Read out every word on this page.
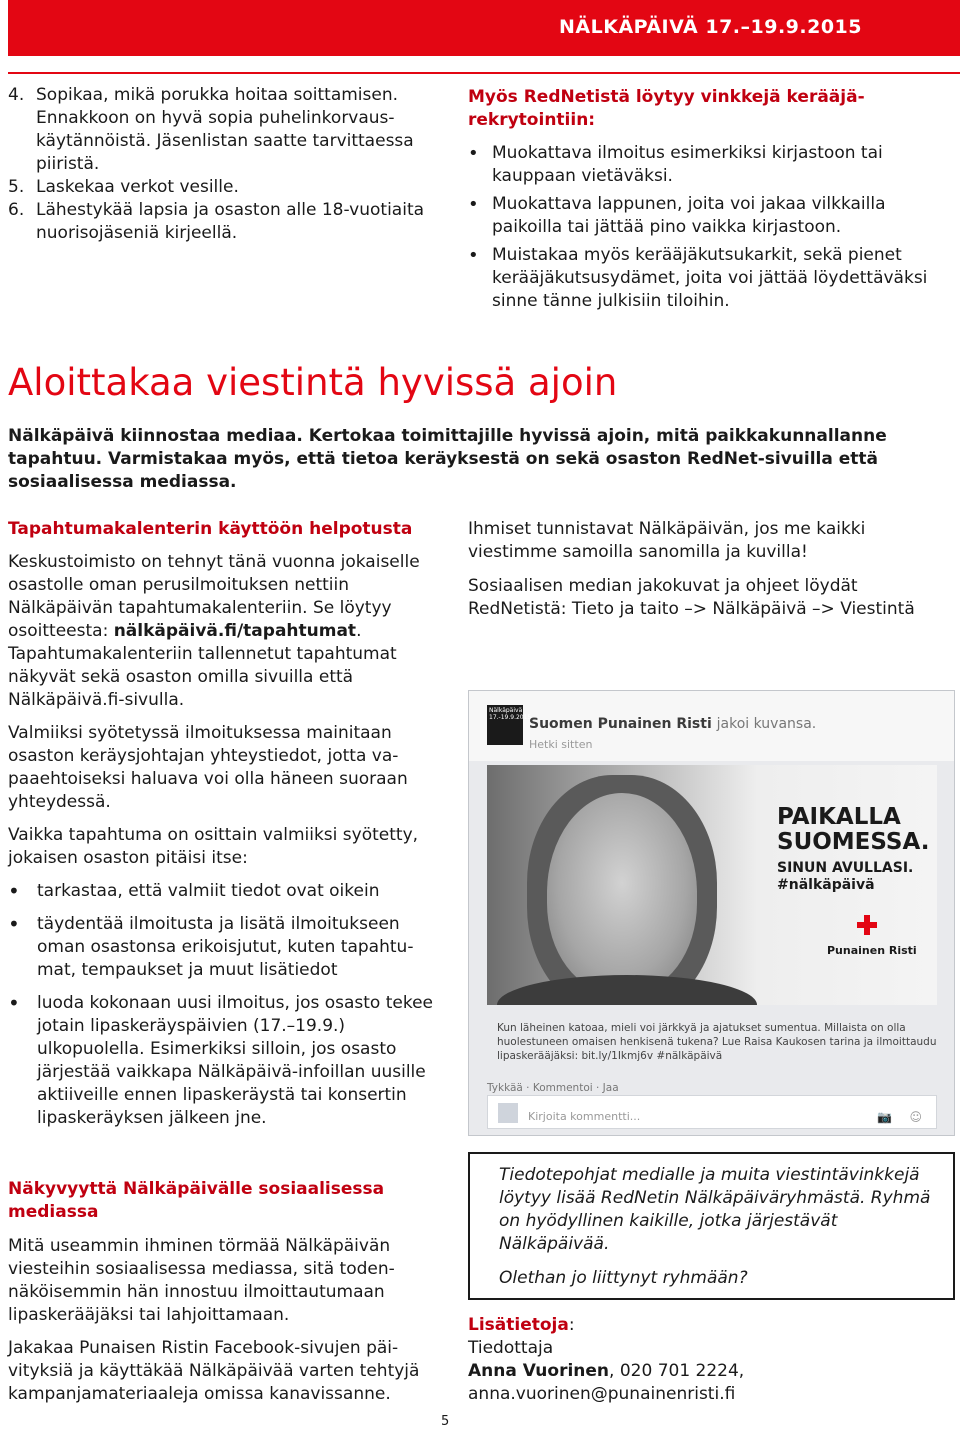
NÄLKÄPÄIVÄ 17.–19.9.2015
4. Sopikaa, mikä porukka hoitaa soittamisen. Ennakkoon on hyvä sopia puhelinkorvauskäytännöistä. Jäsenlistan saatte tarvittaessa piiristä.
5. Laskekaa verkot vesille.
6. Lähestykää lapsia ja osaston alle 18-vuotiaita nuorisojäseniä kirjeellä.

Myös RedNetistä löytyy vinkkejä kerääjärekrytointiin:

• Muokattava ilmoitus esimerkiksi kirjastoon tai kauppaan vietäväksi.
• Muokattava lappunen, joita voi jakaa vilkkailla paikoilla tai jättää pino vaikka kirjastoon.
• Muistakaa myös kerääjäkutsukarkit, sekä pienet kerääjäkutsusydämet, joita voi jättää löydettäväksi sinne tänne julkisiin tiloihin.
Aloittakaa viestintä hyvissä ajoin

Nälkäpäivä kiinnostaa mediaa. Kertokaa toimittajille hyvissä ajoin, mitä paikkakunnallanne tapahtuu. Varmistakaa myös, että tietoa keräyksestä on sekä osaston RedNet-sivuilla että sosiaalisessa mediassa.

Tapahtumakalenterin käyttöön helpotusta

Keskustoimisto on tehnyt tänä vuonna jokaiselle osastolle oman perusilmoituksen nettiin Nälkäpäivän tapahtumakalenteriin. Se löytyy osoitteesta: nälkäpäivä.fi/tapahtumat. Tapahtumakalenteriin tallennetut tapahtumat näkyvät sekä osaston omilla sivuilla että Nälkäpäivä.fi-sivulla.

Valmiiksi syötetyssä ilmoituksessa mainitaan osaston keräysjohtajan yhteystiedot, jotta vapaaehtoiseksi haluava voi olla häneen suoraan yhteydessä.

Vaikka tapahtuma on osittain valmiiksi syötetty, jokaisen osaston pitäisi itse:

• tarkastaa, että valmiit tiedot ovat oikein
• täydentää ilmoitusta ja lisätä ilmoitukseen oman osastonsa erikoisjutut, kuten tapahtumat, tempaukset ja muut lisätiedot
• luoda kokonaan uusi ilmoitus, jos osasto tekee jotain lipaskeräyspäivien (17.–19.9.) ulkopuolella. Esimerkiksi silloin, jos osasto järjestää vaikkapa Nälkäpäivä-infoillan uusille aktiiveille ennen lipaskeräystä tai konsertin lipaskeräyksen jälkeen jne.

Näkyvyyttä Nälkäpäivälle sosiaalisessa mediassa

Mitä useammin ihminen törmää Nälkäpäivän viesteihin sosiaalisessa mediassa, sitä todennäköisemmin hän innostuu ilmoittautumaan lipaskerääjäksi tai lahjoittamaan.

Jakakaa Punaisen Ristin Facebook-sivujen päivityksiä ja käyttäkää Nälkäpäivää varten tehtyjä kampanjamateriaaleja omissa kanavissanne.

Ihmiset tunnistavat Nälkäpäivän, jos me kaikki viestimme samoilla sanomilla ja kuvilla!

Sosiaalisen median jakokuvat ja ohjeet löydät RedNetistä: Tieto ja taito –> Nälkäpäivä –> Viestintä

Nälkäpäivä 17.-19.9.2015
Suomen Punainen Risti jakoi kuvansa.
Hetki sitten
PAIKALLA
SUOMESSA.
SINUN AVULLASI.
#nälkäpäivä
Punainen Risti
Kun läheinen katoaa, mieli voi järkkyä ja ajatukset sumentua. Millaista on olla huolestuneen omaisen henkisenä tukena? Lue Raisa Kaukosen tarina ja ilmoittaudu lipaskerääjäksi: bit.ly/1Ikmj6v #nälkäpäivä
Tykkää · Kommentoi · Jaa
Kirjoita kommentti...	📷 ☺

Tiedotepohjat medialle ja muita viestintävinkkejä löytyy lisää RedNetin Nälkäpäiväryhmästä. Ryhmä on hyödyllinen kaikille, jotka järjestävät Nälkäpäivää.

Olethan jo liittynyt ryhmään?

Lisätietoja:
Tiedottaja
Anna Vuorinen, 020 701 2224,
anna.vuorinen@punainenristi.fi
5
